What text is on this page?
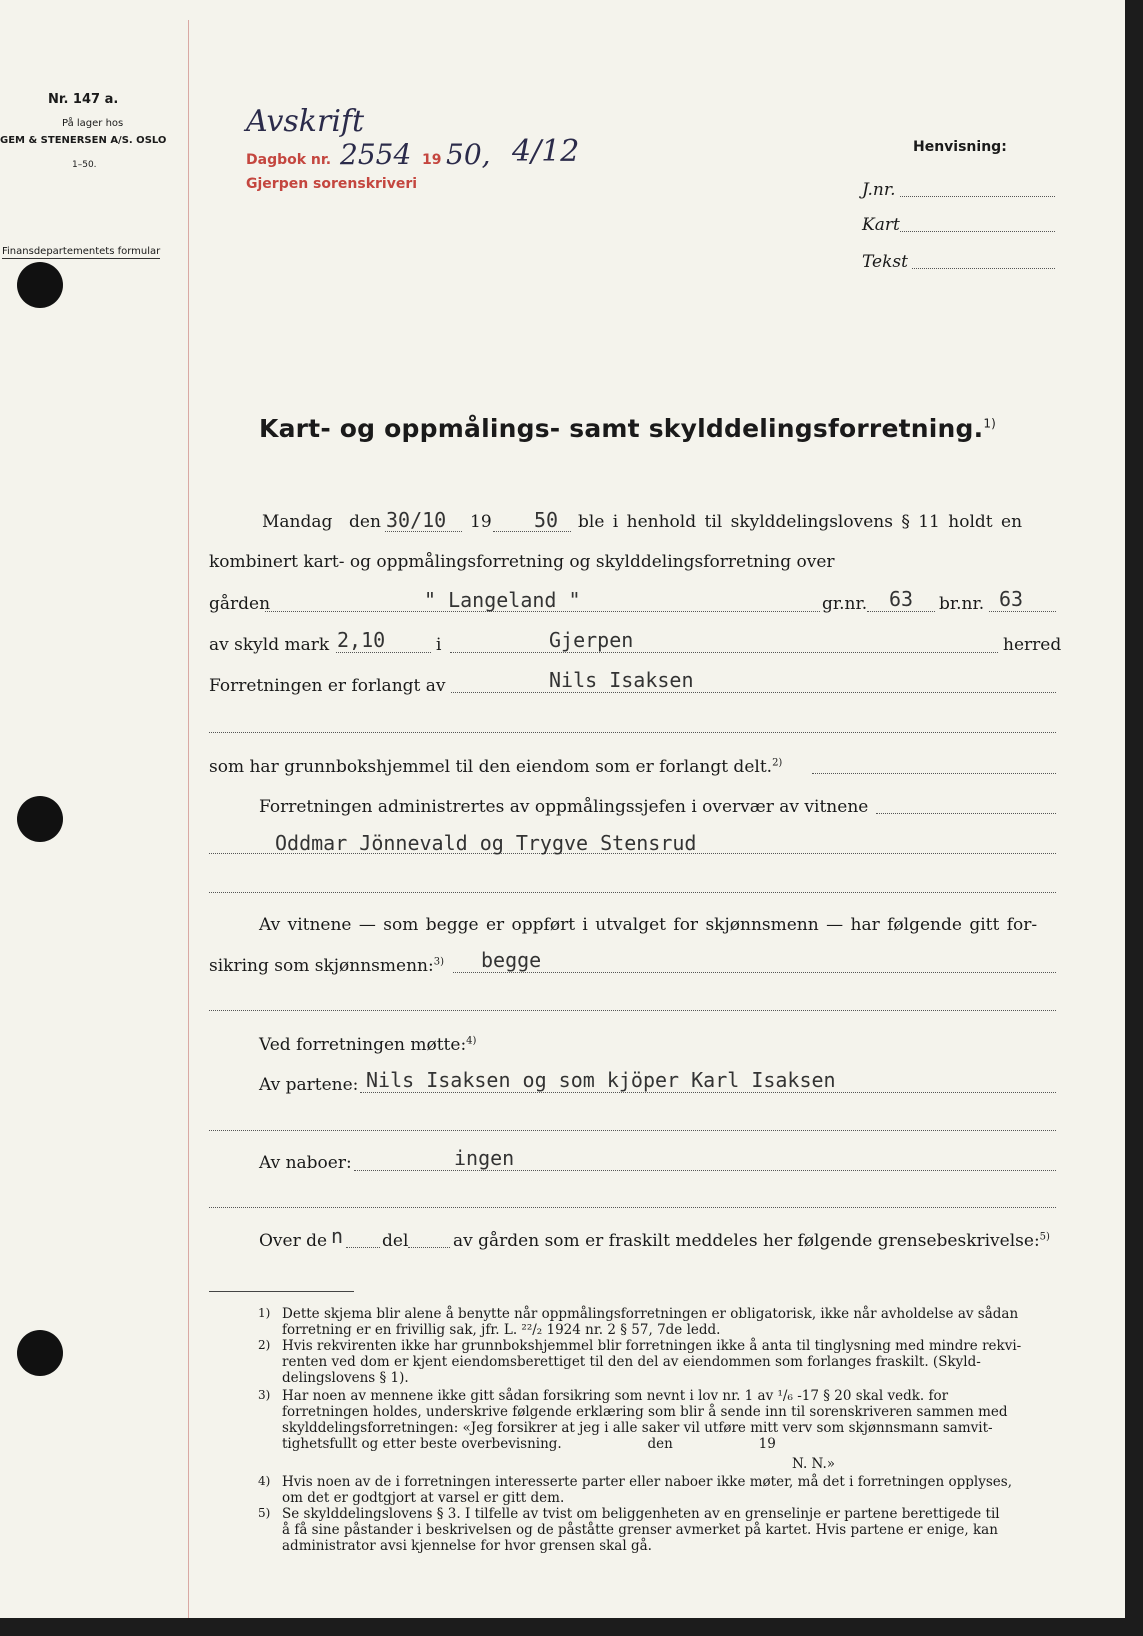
Nr. 147 a.
På lager hos
GEM & STENERSEN A/S. OSLO
1–50.
Finansdepartementets formular
Avskrift
Dagbok nr. 2554 19 50, 4/12
Gjerpen sorenskriveri
Henvisning:
J.nr.
Kart
Tekst
Kart- og oppmålings- samt skylddelingsforretning.$^{1)}$
Mandag den 30/10 19 50 ble i henhold til skylddelingslovens § 11 holdt en
kombinert kart- og oppmålingsforretning og skylddelingsforretning over
gården	" Langeland "	gr.nr. 63 br.nr. 63
av skyld mark 2,10	i	Gjerpen	herred
Forretningen er forlangt av	Nils Isaksen
som har grunnbokshjemmel til den eiendom som er forlangt delt.$^{2)}$
Forretningen administrertes av oppmålingssjefen i overvær av vitnene
Oddmar Jönnevald og Trygve Stensrud
Av vitnene — som begge er oppført i utvalget for skjønnsmenn — har følgende gitt for-
sikring som skjønnsmenn:$^{3)}$ begge
Ved forretningen møtte:$^{4)}$
Av partene: Nils Isaksen og som kjöper Karl Isaksen
Av naboer:	ingen
Over de n del	av gården som er fraskilt meddeles her følgende grensebeskrivelse:$^{5)}$
1) Dette skjema blir alene å benytte når oppmålingsforretningen er obligatorisk, ikke når avholdelse av sådan
forretning er en frivillig sak, jfr. L. ²²/₂ 1924 nr. 2 § 57, 7de ledd.
2) Hvis rekvirenten ikke har grunnbokshjemmel blir forretningen ikke å anta til tinglysning med mindre rekvi-
renten ved dom er kjent eiendomsberettiget til den del av eiendommen som forlanges fraskilt. (Skyld-
delingslovens § 1).
3) Har noen av mennene ikke gitt sådan forsikring som nevnt i lov nr. 1 av ¹/₆ -17 § 20 skal vedk. for
forretningen holdes, underskrive følgende erklæring som blir å sende inn til sorenskriveren sammen med
skylddelingsforretningen: «Jeg forsikrer at jeg i alle saker vil utføre mitt verv som skjønnsmann samvit-
tighetsfullt og etter beste overbevisning.                    den                    19
N. N.»
4) Hvis noen av de i forretningen interesserte parter eller naboer ikke møter, må det i forretningen opplyses,
om det er godtgjort at varsel er gitt dem.
5) Se skylddelingslovens § 3. I tilfelle av tvist om beliggenheten av en grenselinje er partene berettigede til
å få sine påstander i beskrivelsen og de påståtte grenser avmerket på kartet. Hvis partene er enige, kan
administrator avsi kjennelse for hvor grensen skal gå.
